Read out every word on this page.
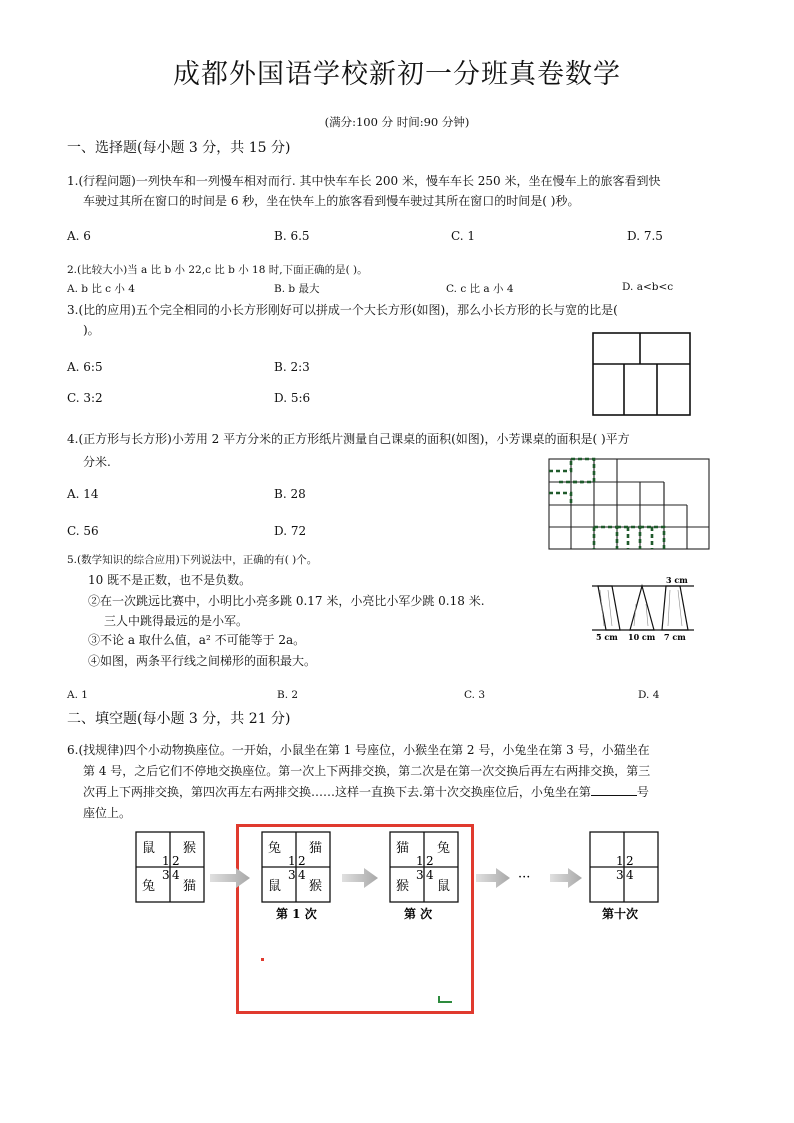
成都外国语学校新初一分班真卷数学
(满分:100 分 时间:90 分钟)
一、选择题(每小题 3 分，共 15 分)
1.(行程问题)一列快车和一列慢车相对而行. 其中快车车长 200 米，慢车车长 250 米，坐在慢车上的旅客看到快
车驶过其所在窗口的时间是 6 秒，坐在快车上的旅客看到慢车驶过其所在窗口的时间是( )秒。
A. 6	B. 6.5	C. 1	D. 7.5
2.(比较大小)当 a 比 b 小 22,c 比 b 小 18 时,下面正确的是( )。
A. b 比 c 小 4	B. b 最大	C. c 比 a 小 4	D. a<b<c
3.(比的应用)五个完全相同的小长方形刚好可以拼成一个大长方形(如图)，那么小长方形的长与宽的比是(
)。
A. 6:5	B. 2:3
C. 3:2	D. 5:6
4.(正方形与长方形)小芳用 2 平方分米的正方形纸片测量自己课桌的面积(如图)，小芳课桌的面积是( )平方
分米.
A. 14	B. 28
C. 56	D. 72
5.(数学知识的综合应用)下列说法中，正确的有( )个。
10 既不是正数，也不是负数。
②在一次跳远比赛中，小明比小亮多跳 0.17 米，小亮比小军少跳 0.18 米.
三人中跳得最远的是小军。
③不论 a 取什么值，a² 不可能等于 2a。
④如图，两条平行线之间梯形的面积最大。
3 cm
5 cm 10 cm 7 cm
A. 1	B. 2	C. 3	D. 4
二、填空题(每小题 3 分，共 21 分)
6.(找规律)四个小动物换座位。一开始，小鼠坐在第 1 号座位，小猴坐在第 2 号，小兔坐在第 3 号，小猫坐在
第 4 号，之后它们不停地交换座位。第一次上下两排交换，第二次是在第一次交换后再左右两排交换，第三
次再上下两排交换，第四次再左右两排交换……这样一直换下去.第十次交换座位后，小兔坐在第	号
座位上。
鼠 猴
兔 猫
1 2
3 4
兔 猫
鼠 猴
1 2
3 4
第 1 次
猫 兔
猴 鼠
1 2
3 4
第 次
···
1 2
3 4
第十次
